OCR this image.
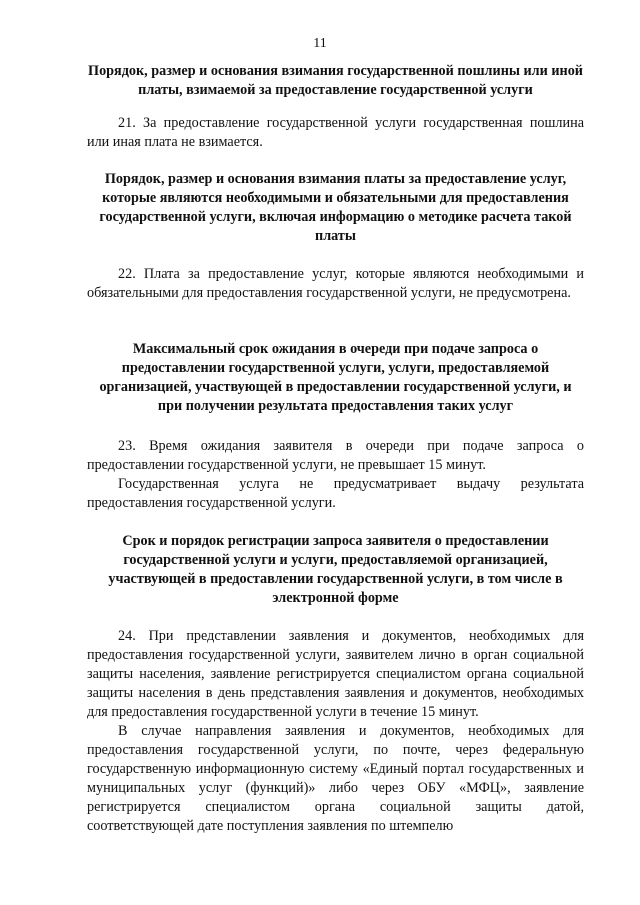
11

Порядок, размер и основания взимания государственной пошлины или иной платы, взимаемой за предоставление государственной услуги

21. За предоставление государственной услуги государственная пошлина или иная плата не взимается.

Порядок, размер и основания взимания платы за предоставление услуг, которые являются необходимыми и обязательными для предоставления государственной услуги, включая информацию о методике расчета такой платы

22. Плата за предоставление услуг, которые являются необходимыми и обязательными для предоставления государственной услуги, не предусмотрена.

Максимальный срок ожидания в очереди при подаче запроса о предоставлении государственной услуги, услуги, предоставляемой организацией, участвующей в предоставлении государственной услуги, и при получении результата предоставления таких услуг

23. Время ожидания заявителя в очереди при подаче запроса о предоставлении государственной услуги, не превышает 15 минут.

Государственная услуга не предусматривает выдачу результата предоставления государственной услуги.

Срок и порядок регистрации запроса заявителя о предоставлении государственной услуги и услуги, предоставляемой организацией, участвующей в предоставлении государственной услуги, в том числе в электронной форме

24. При представлении заявления и документов, необходимых для предоставления государственной услуги, заявителем лично в орган социальной защиты населения, заявление регистрируется специалистом органа социальной защиты населения в день представления заявления и документов, необходимых для предоставления государственной услуги в течение 15 минут.

В случае направления заявления и документов, необходимых для предоставления государственной услуги, по почте, через федеральную государственную информационную систему «Единый портал государственных и муниципальных услуг (функций)» либо через ОБУ «МФЦ», заявление регистрируется специалистом органа социальной защиты датой, соответствующей дате поступления заявления по штемпелю
